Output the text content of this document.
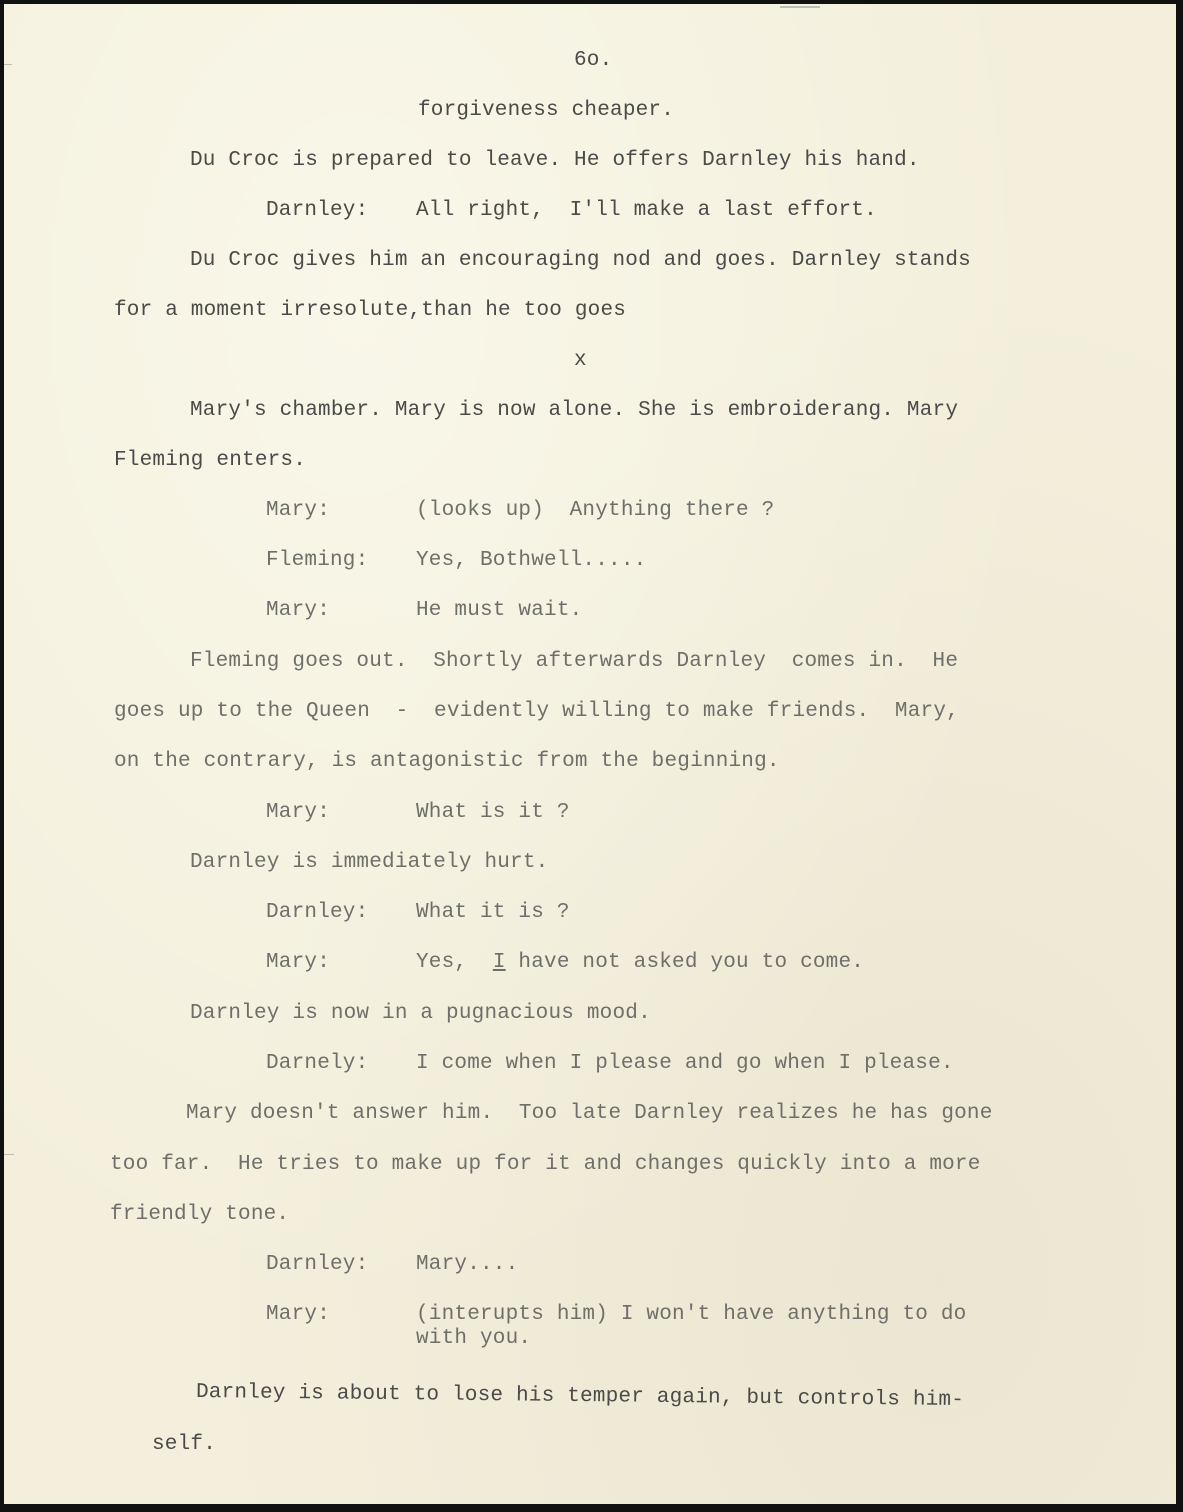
6o.
forgiveness cheaper.
Du Croc is prepared to leave. He offers Darnley his hand.
Darnley: All right,  I'll make a last effort.
Du Croc gives him an encouraging nod and goes. Darnley stands
for a moment irresolute,than he too goes
x
Mary's chamber. Mary is now alone. She is embroiderang. Mary
Fleming enters.
Mary:	(looks up)  Anything there ?
Fleming: Yes, Bothwell.....
Mary:	He must wait.
Fleming goes out.  Shortly afterwards Darnley  comes in.  He
goes up to the Queen  -  evidently willing to make friends.  Mary,
on the contrary, is antagonistic from the beginning.
Mary:	What is it ?
Darnley is immediately hurt.
Darnley: What it is ?
Mary:	Yes,  I have not asked you to come.
Darnley is now in a pugnacious mood.
Darnely: I come when I please and go when I please.
Mary doesn't answer him.  Too late Darnley realizes he has gone
too far.  He tries to make up for it and changes quickly into a more
friendly tone.
Darnley: Mary....
Mary:	(interupts him) I won't have anything to do
with you.
Darnley is about to lose his temper again, but controls him-
self.
